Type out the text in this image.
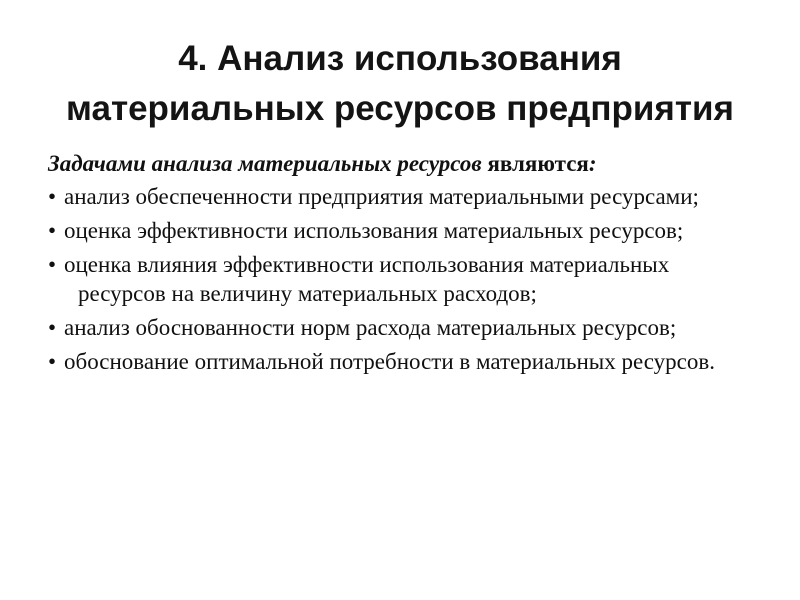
4. Анализ использования
материальных ресурсов предприятия

Задачами анализа материальных ресурсов являются:

• анализ обеспеченности предприятия материальными ресурсами;
• оценка эффективности использования материальных ресурсов;
• оценка влияния эффективности использования материальных ресурсов на величину материальных расходов;
• анализ обоснованности норм расхода материальных ресурсов;
• обоснование оптимальной потребности в материальных ресурсов.
